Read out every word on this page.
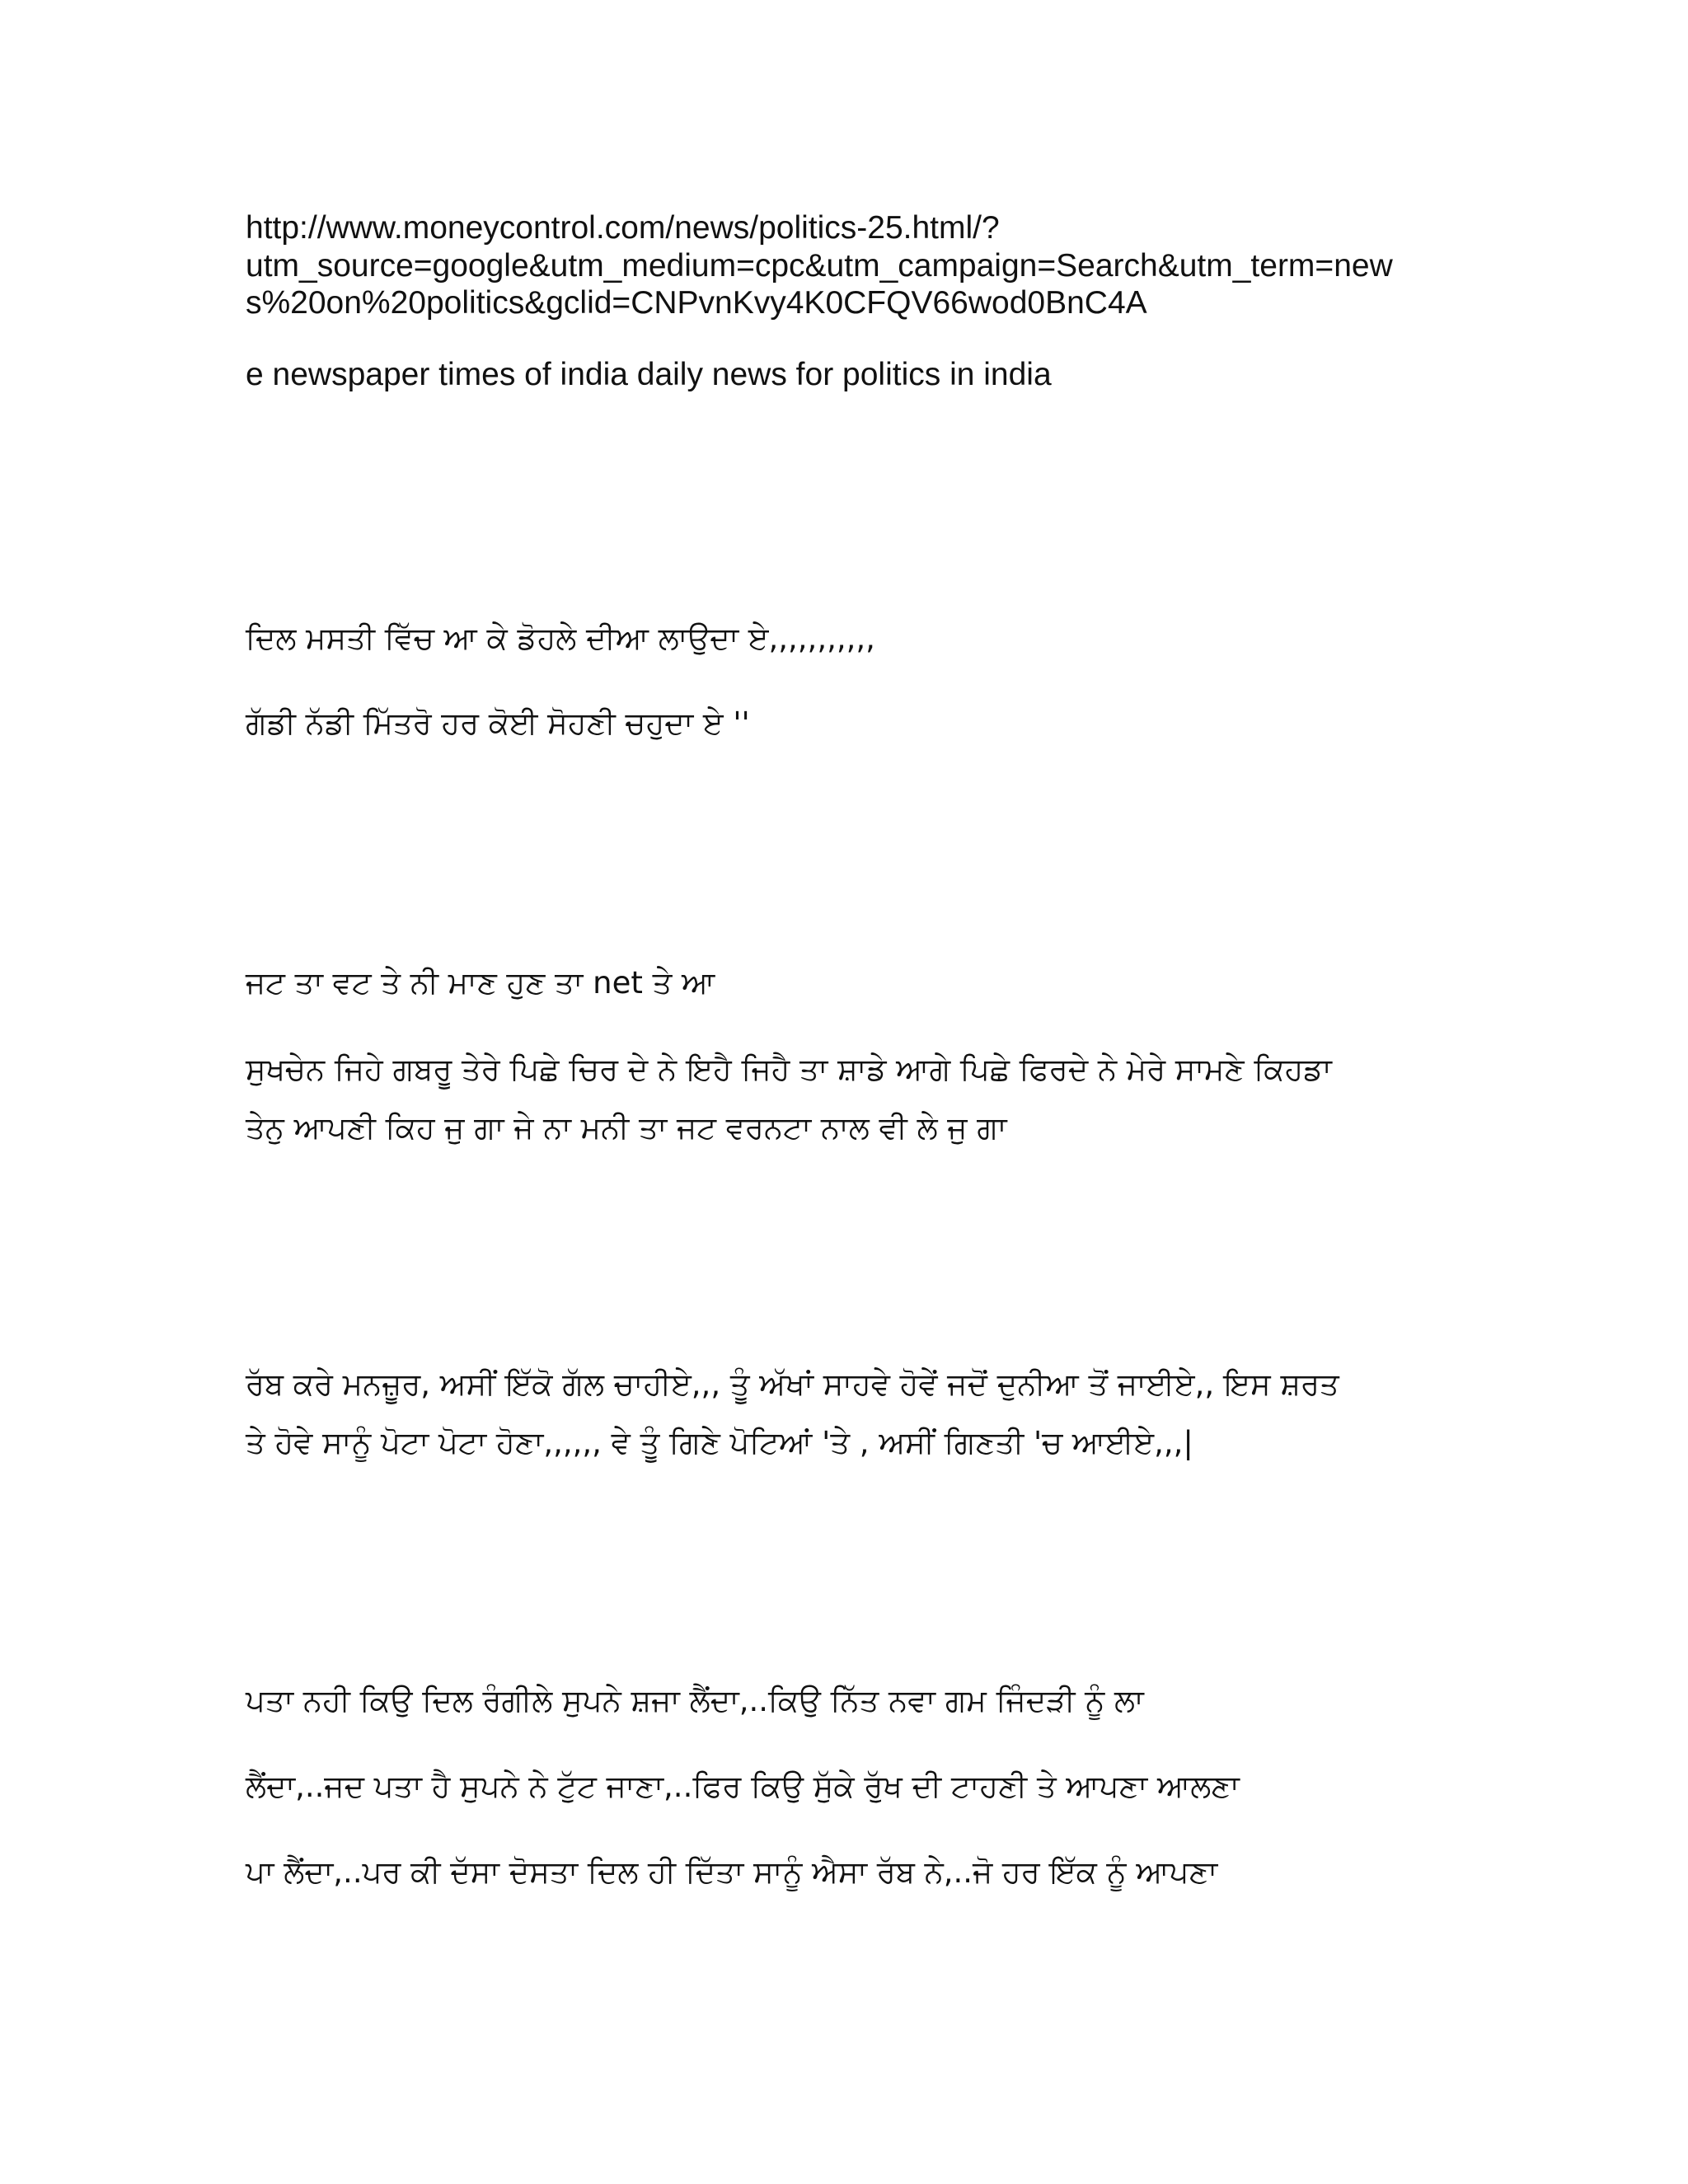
http://www.moneycontrol.com/news/politics-25.html/?
utm_source=google&utm_medium=cpc&utm_campaign=Search&utm_term=new
s%20on%20politics&gclid=CNPvnKvy4K0CFQV66wod0BnC4A
e newspaper times of india daily news for politics in india
ਦਿਲ ਮਸਤੀ ਵਿੱਚ ਆ ਕੇ ਡੋਹਲੇ ਦੀਆ ਲਾਉਦਾ ਏ,,,,,,,,,,,
ਗੱਡੀ ਨੱਡੀ ਮਿੱਤਰੋ ਹਰ ਕੋਈ ਸੋਹਣੀ ਚਹੁਦਾ ਏ ''
ਜਟ ਤਾ ਵਟ ਤੇ ਨੀ ਮਾਣ ਹੁਣ ਤਾ net ਤੇ ਆ
ਸੁਖਚੇਨ ਜਿਹੇ ਗਬਰੂ ਤੇਰੇ ਪਿਛੇ ਚਿਰ ਦੇ ਨੇ ਇਹੈ ਜਿਹੈ ਤਾ ਸ਼ਾਡੇ ਆਗੇ ਪਿਛੇ ਫਿਰਦੇ ਨੇ ਮੇਰੇ ਸਾਮਣੇ ਕਿਹਡਾ
ਤੇਨੁ ਆਪਣੀ ਕਿਹ ਜੁ ਗਾ ਜੇ ਨਾ ਮਨੀ ਤਾ ਜਟ ਵਰਨਟਾ ਨਾਲ ਵੀ ਲੇ ਜੁ ਗਾ
ਰੱਬ ਕਰੇ ਮਨਜ਼ੂਰ, ਅਸੀਂ ਇੱਕੋ ਗੱਲ ਚਾਹੀਏ,,, ਤੂੰ ਅੱਖਾਂ ਸਾਹਵੇ ਹੋਵੇਂ ਜਦੋਂ ਦੁਨੀਆ ਤੋਂ ਜਾਈਏ,, ਇਸ ਸ਼ਰਤ
ਤੇ ਹੋਵੇ ਸਾਨੂੰ ਪੋਟਾ ਪੋਟਾ ਹੋਣਾ,,,,,, ਵੇ ਤੂੰ ਗਿਣੇ ਪੋਟਿਆਂ 'ਤੇ , ਅਸੀਂ ਗਿਣਤੀ 'ਚ ਆਈਏ,,,|
ਪਤਾ ਨਹੀ ਕਿਉ ਦਿਲ ਰੰਗੀਲੇ ਸੁਪਨੇ ਸ਼ਜਾ ਲੈਂਦਾ,..ਕਿਉ ਨਿੱਤ ਨਵਾ ਗਮ ਜਿੰਦੜੀ ਨੂੰ ਲਾ
ਲੈਂਦਾ,..ਜਦ ਪਤਾ ਹੈ ਸੁਪਨੇ ਨੇ ਟੁੱਟ ਜਾਣਾ,..ਫਿਰ ਕਿਉ ਸੁੱਕੇ ਰੁੱਖ ਦੀ ਟਾਹਣੀ ਤੇ ਆਪਣਾ ਆਲਣਾ
ਪਾ ਲੈਂਦਾ,..ਪਰ ਕੀ ਦੱਸਾ ਦੋਸਤਾ ਦਿਲ ਹੀ ਦਿੱਤਾ ਸਾਨੂੰ ਐਸਾ ਰੱਬ ਨੇ,..ਜੋ ਹਰ ਇੱਕ ਨੂੰ ਆਪਣਾ
